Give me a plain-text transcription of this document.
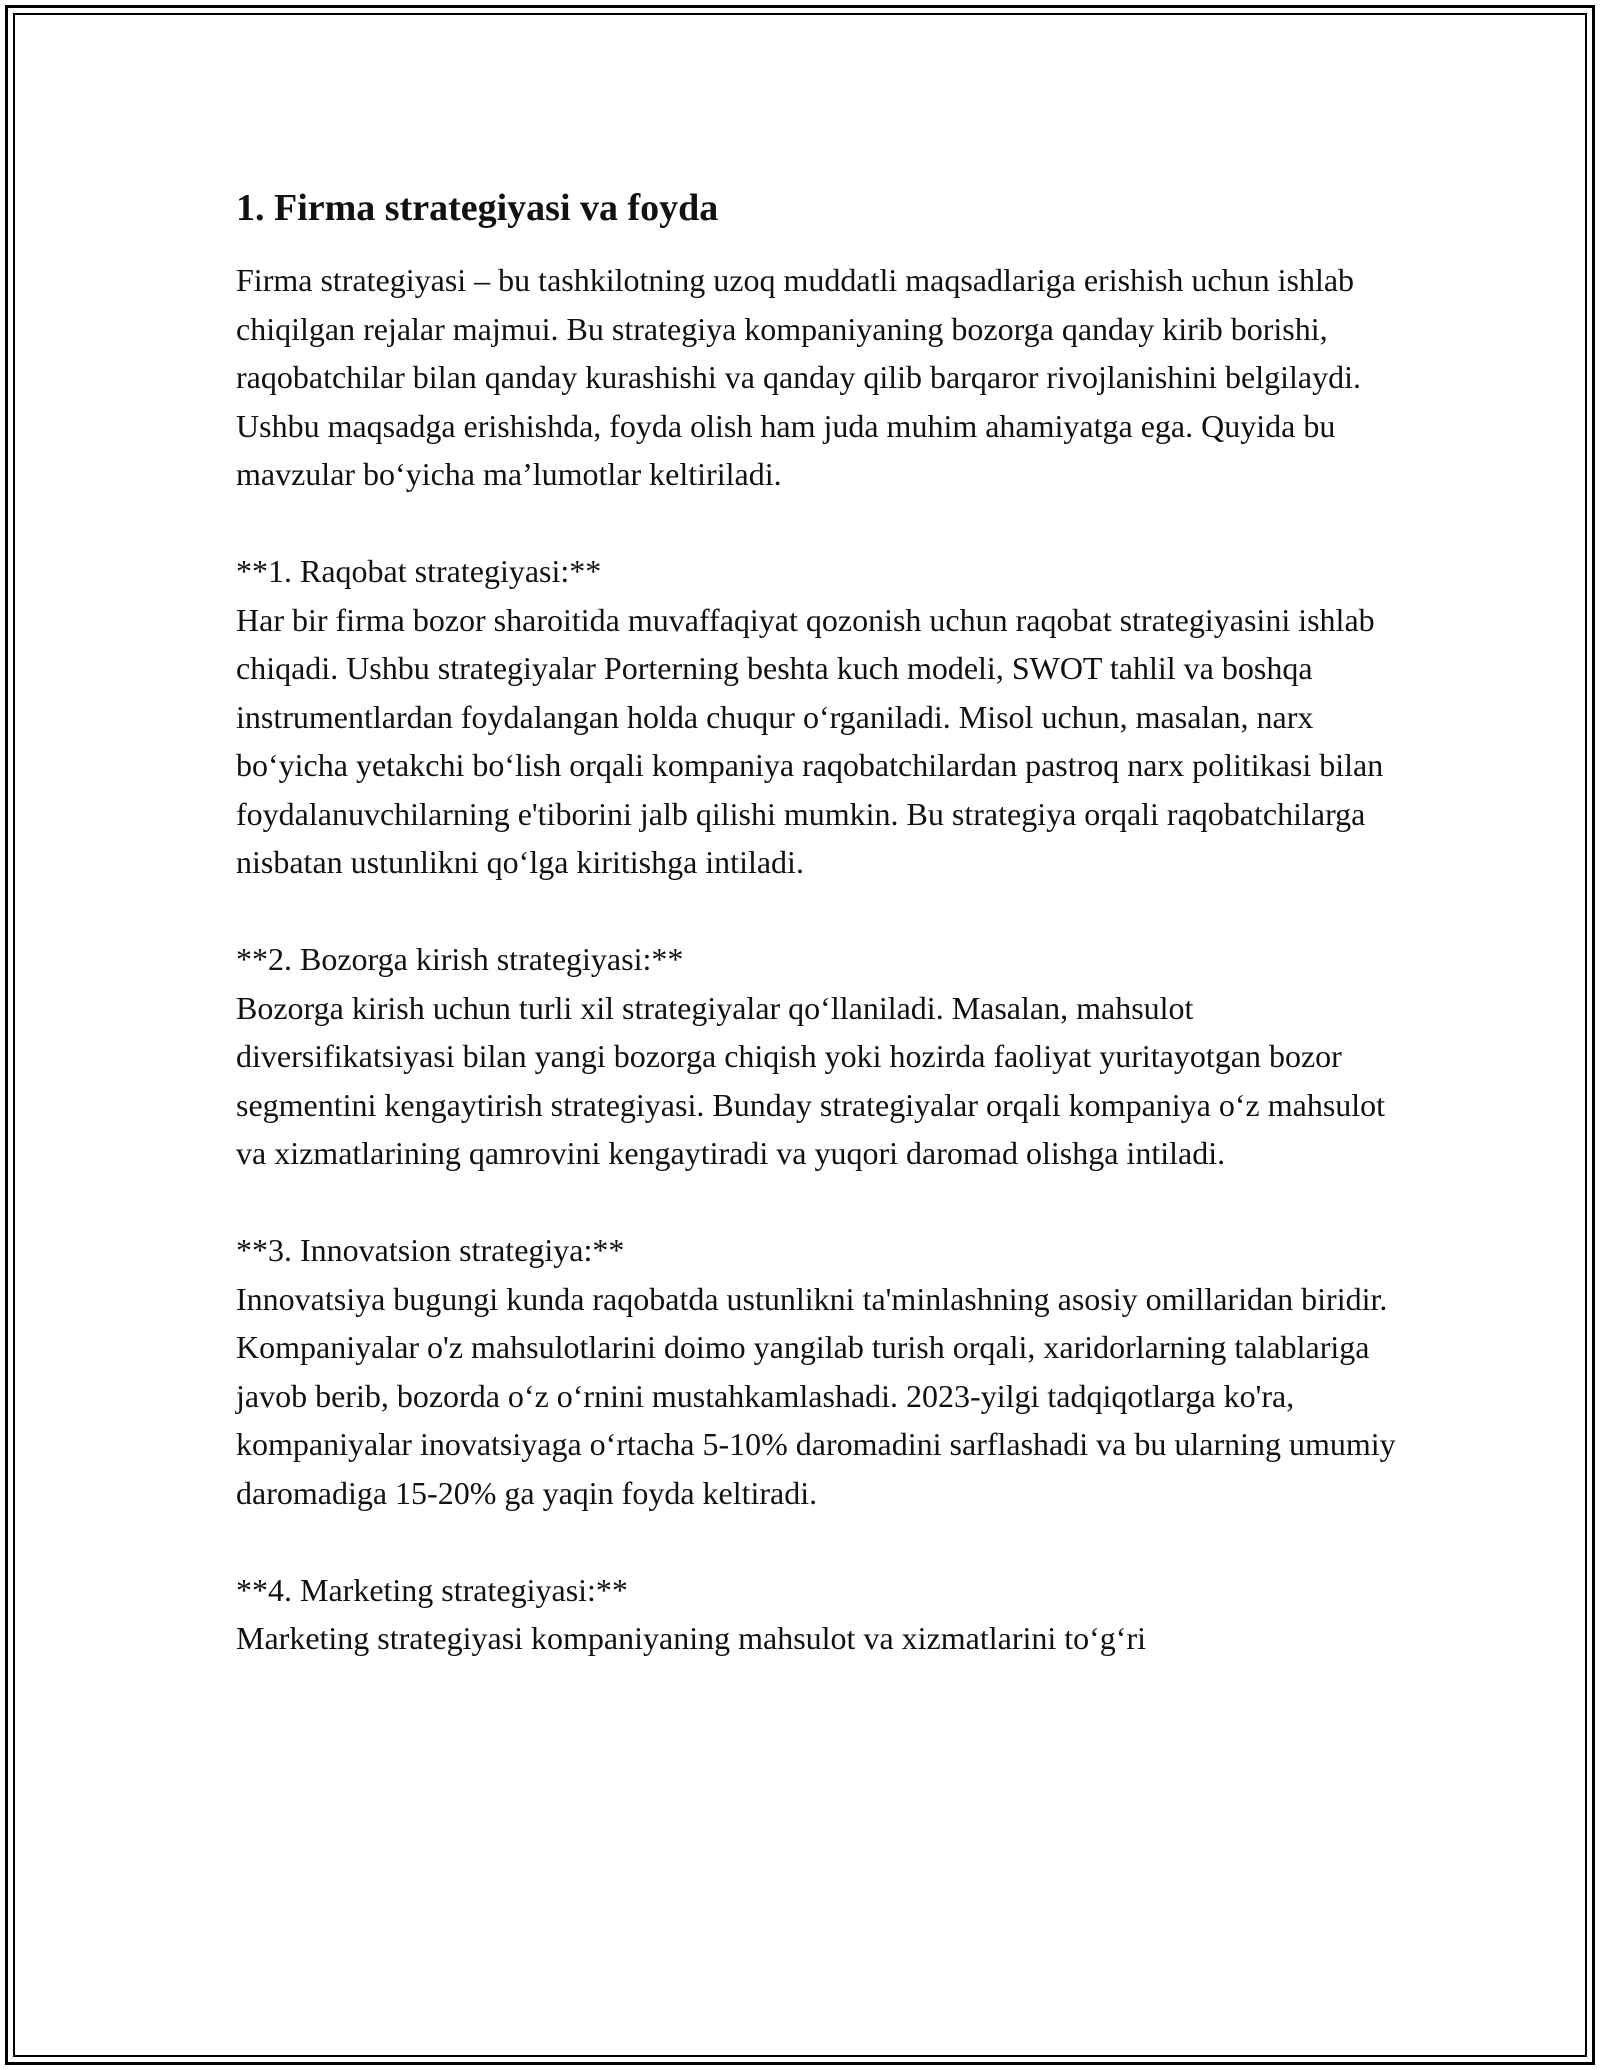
1. Firma strategiyasi va foyda

Firma strategiyasi – bu tashkilotning uzoq muddatli maqsadlariga erishish uchun ishlab chiqilgan rejalar majmui. Bu strategiya kompaniyaning bozorga qanday kirib borishi, raqobatchilar bilan qanday kurashishi va qanday qilib barqaror rivojlanishini belgilaydi. Ushbu maqsadga erishishda, foyda olish ham juda muhim ahamiyatga ega. Quyida bu mavzular bo‘yicha ma’lumotlar keltiriladi.

**1. Raqobat strategiyasi:**

Har bir firma bozor sharoitida muvaffaqiyat qozonish uchun raqobat strategiyasini ishlab chiqadi. Ushbu strategiyalar Porterning beshta kuch modeli, SWOT tahlil va boshqa instrumentlardan foydalangan holda chuqur o‘rganiladi. Misol uchun, masalan, narx bo‘yicha yetakchi bo‘lish orqali kompaniya raqobatchilardan pastroq narx politikasi bilan foydalanuvchilarning e'tiborini jalb qilishi mumkin. Bu strategiya orqali raqobatchilarga nisbatan ustunlikni qo‘lga kiritishga intiladi.

**2. Bozorga kirish strategiyasi:**

Bozorga kirish uchun turli xil strategiyalar qo‘llaniladi. Masalan, mahsulot diversifikatsiyasi bilan yangi bozorga chiqish yoki hozirda faoliyat yuritayotgan bozor segmentini kengaytirish strategiyasi. Bunday strategiyalar orqali kompaniya o‘z mahsulot va xizmatlarining qamrovini kengaytiradi va yuqori daromad olishga intiladi.

**3. Innovatsion strategiya:**

Innovatsiya bugungi kunda raqobatda ustunlikni ta'minlashning asosiy omillaridan biridir. Kompaniyalar o'z mahsulotlarini doimo yangilab turish orqali, xaridorlarning talablariga javob berib, bozorda o‘z o‘rnini mustahkamlashadi. 2023-yilgi tadqiqotlarga ko'ra, kompaniyalar inovatsiyaga o‘rtacha 5-10% daromadini sarflashadi va bu ularning umumiy daromadiga 15-20% ga yaqin foyda keltiradi.

**4. Marketing strategiyasi:**

Marketing strategiyasi kompaniyaning mahsulot va xizmatlarini to‘g‘ri
